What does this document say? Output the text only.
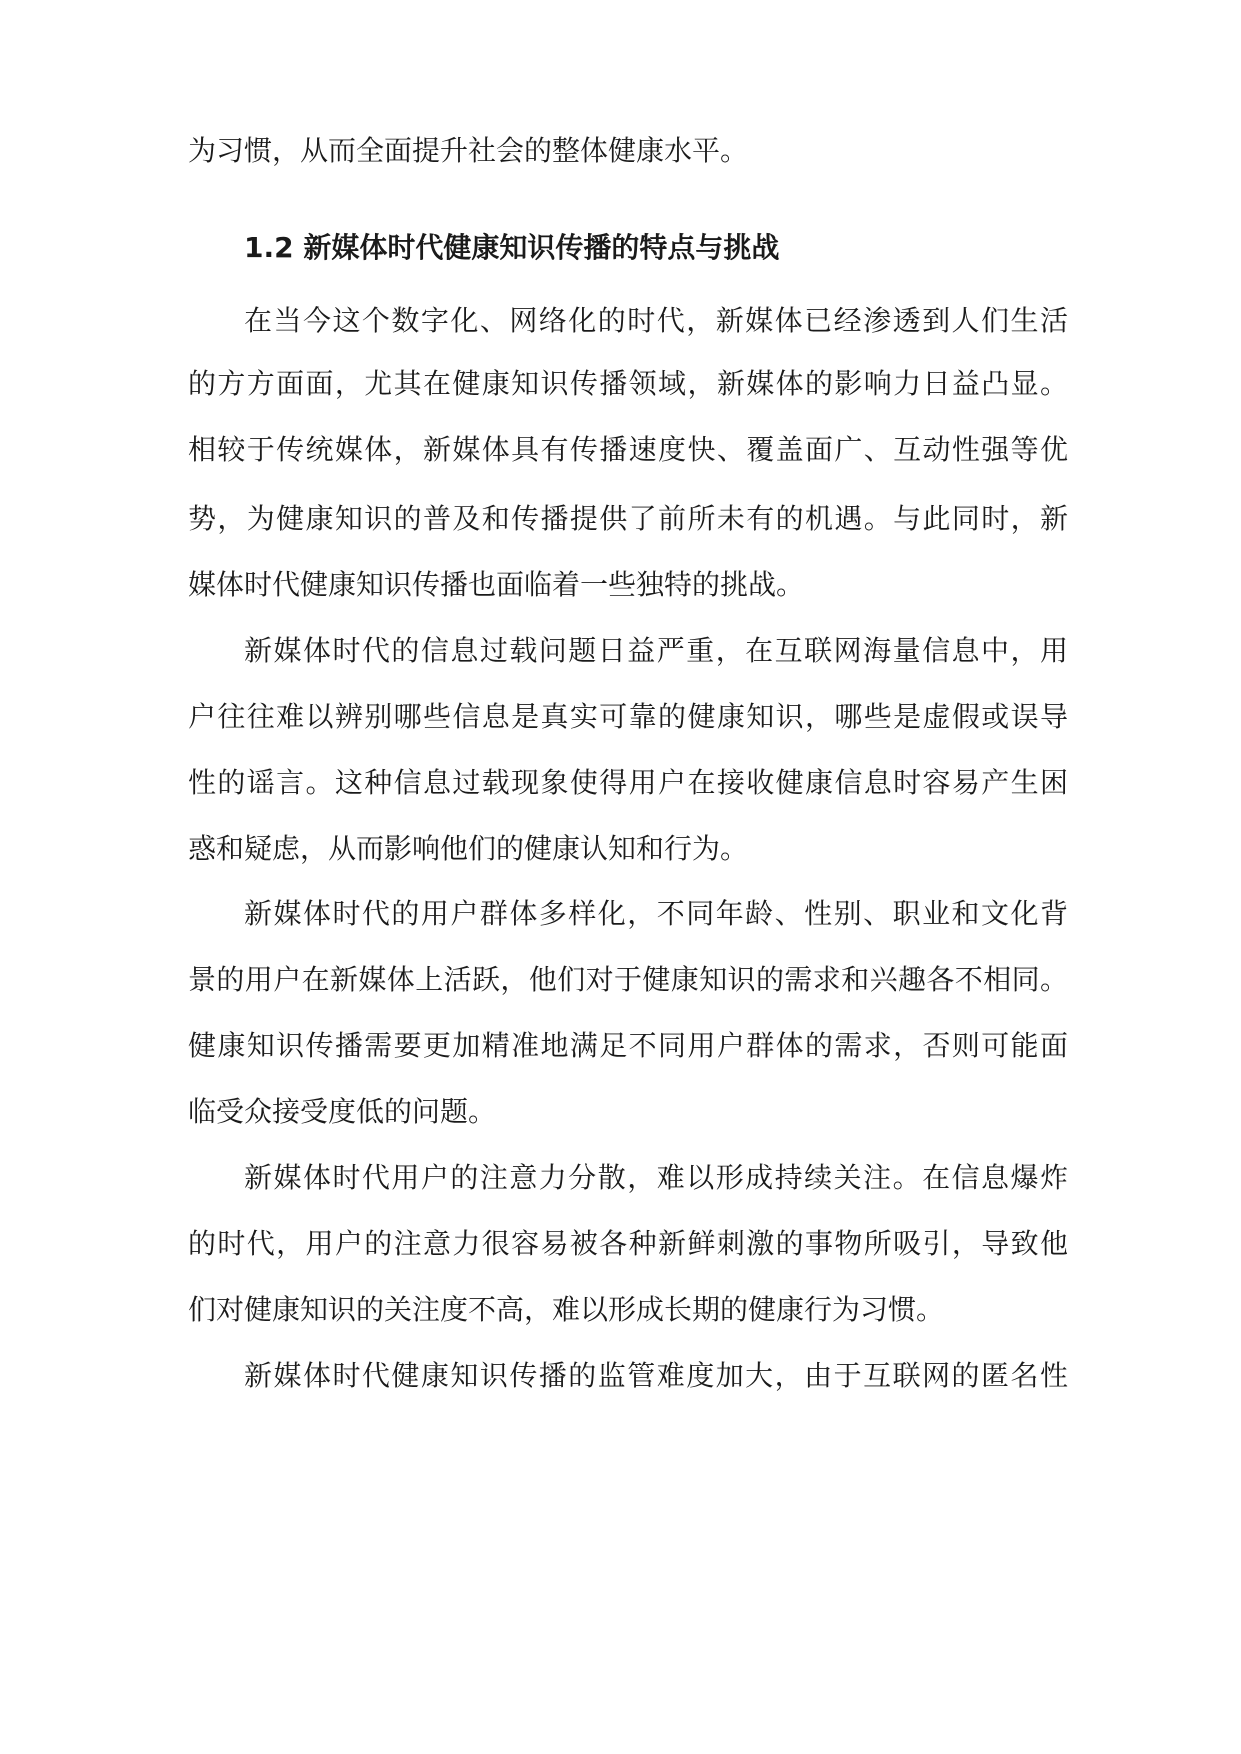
为习惯，从而全面提升社会的整体健康水平。
1.2 新媒体时代健康知识传播的特点与挑战
在当今这个数字化、网络化的时代，新媒体已经渗透到人们生活
的方方面面，尤其在健康知识传播领域，新媒体的影响力日益凸显。
相较于传统媒体，新媒体具有传播速度快、覆盖面广、互动性强等优
势，为健康知识的普及和传播提供了前所未有的机遇。与此同时，新
媒体时代健康知识传播也面临着一些独特的挑战。
新媒体时代的信息过载问题日益严重，在互联网海量信息中，用
户往往难以辨别哪些信息是真实可靠的健康知识，哪些是虚假或误导
性的谣言。这种信息过载现象使得用户在接收健康信息时容易产生困
惑和疑虑，从而影响他们的健康认知和行为。
新媒体时代的用户群体多样化，不同年龄、性别、职业和文化背
景的用户在新媒体上活跃，他们对于健康知识的需求和兴趣各不相同。
健康知识传播需要更加精准地满足不同用户群体的需求，否则可能面
临受众接受度低的问题。
新媒体时代用户的注意力分散，难以形成持续关注。在信息爆炸
的时代，用户的注意力很容易被各种新鲜刺激的事物所吸引，导致他
们对健康知识的关注度不高，难以形成长期的健康行为习惯。
新媒体时代健康知识传播的监管难度加大，由于互联网的匿名性
